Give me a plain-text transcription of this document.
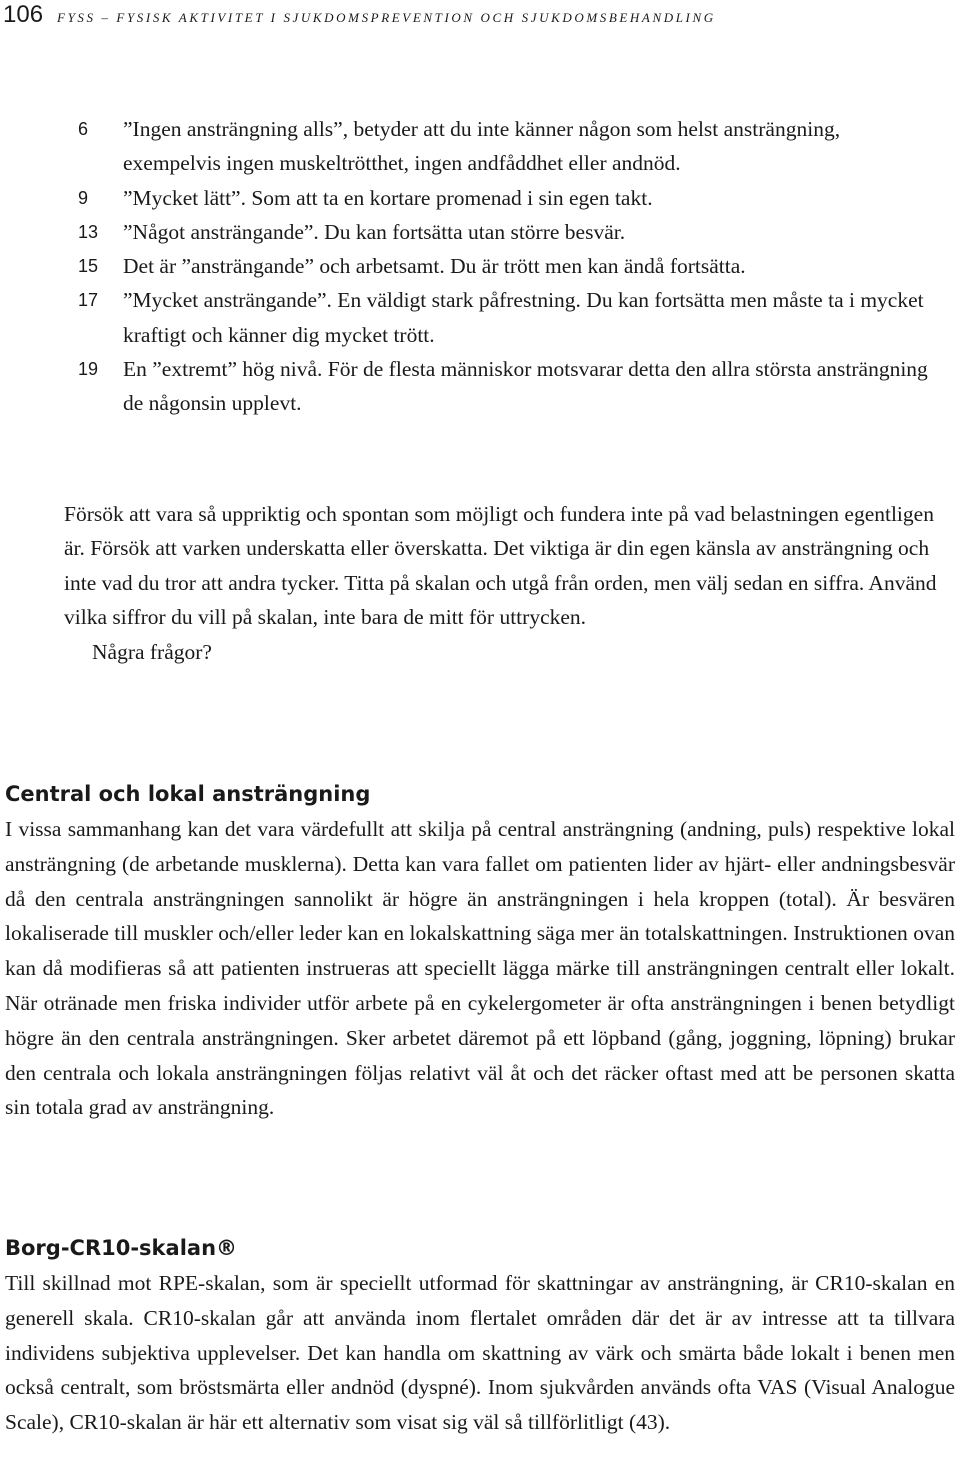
106 FYSS – FYSISK AKTIVITET I SJUKDOMSPREVENTION OCH SJUKDOMSBEHANDLING
6	”Ingen ansträngning alls”, betyder att du inte känner någon som helst ansträngning, exempelvis ingen muskeltrötthet, ingen andfåddhet eller andnöd.
9	”Mycket lätt”. Som att ta en kortare promenad i sin egen takt.
13	”Något ansträngande”. Du kan fortsätta utan större besvär.
15	Det är ”ansträngande” och arbetsamt. Du är trött men kan ändå fortsätta.
17	”Mycket ansträngande”. En väldigt stark påfrestning. Du kan fortsätta men måste ta i mycket kraftigt och känner dig mycket trött.
19	En ”extremt” hög nivå. För de flesta människor motsvarar detta den allra största ansträngning de någonsin upplevt.

Försök att vara så uppriktig och spontan som möjligt och fundera inte på vad belastningen egentligen är. Försök att varken underskatta eller överskatta. Det viktiga är din egen känsla av ansträngning och inte vad du tror att andra tycker. Titta på skalan och utgå från orden, men välj sedan en siffra. Använd vilka siffror du vill på skalan, inte bara de mitt för uttrycken.

Några frågor?

Central och lokal ansträngning

I vissa sammanhang kan det vara värdefullt att skilja på central ansträngning (andning, puls) respektive lokal ansträngning (de arbetande musklerna). Detta kan vara fallet om patienten lider av hjärt- eller andningsbesvär då den centrala ansträngningen sannolikt är högre än ansträngningen i hela kroppen (total). Är besvären lokaliserade till muskler och/eller leder kan en lokalskattning säga mer än totalskattningen. Instruktionen ovan kan då modifieras så att patienten instrueras att speciellt lägga märke till ansträngningen centralt eller lokalt. När otränade men friska individer utför arbete på en cykelergometer är ofta ansträngningen i benen betydligt högre än den centrala ansträngningen. Sker arbetet däremot på ett löpband (gång, joggning, löpning) brukar den centrala och lokala ansträngningen följas relativt väl åt och det räcker oftast med att be personen skatta sin totala grad av ansträngning.

Borg-CR10-skalan®

Till skillnad mot RPE-skalan, som är speciellt utformad för skattningar av ansträngning, är CR10-skalan en generell skala. CR10-skalan går att använda inom flertalet områden där det är av intresse att ta tillvara individens subjektiva upplevelser. Det kan handla om skattning av värk och smärta både lokalt i benen men också centralt, som bröstsmärta eller andnöd (dyspné). Inom sjukvården används ofta VAS (Visual Analogue Scale), CR10-skalan är här ett alternativ som visat sig väl så tillförlitligt (43).
